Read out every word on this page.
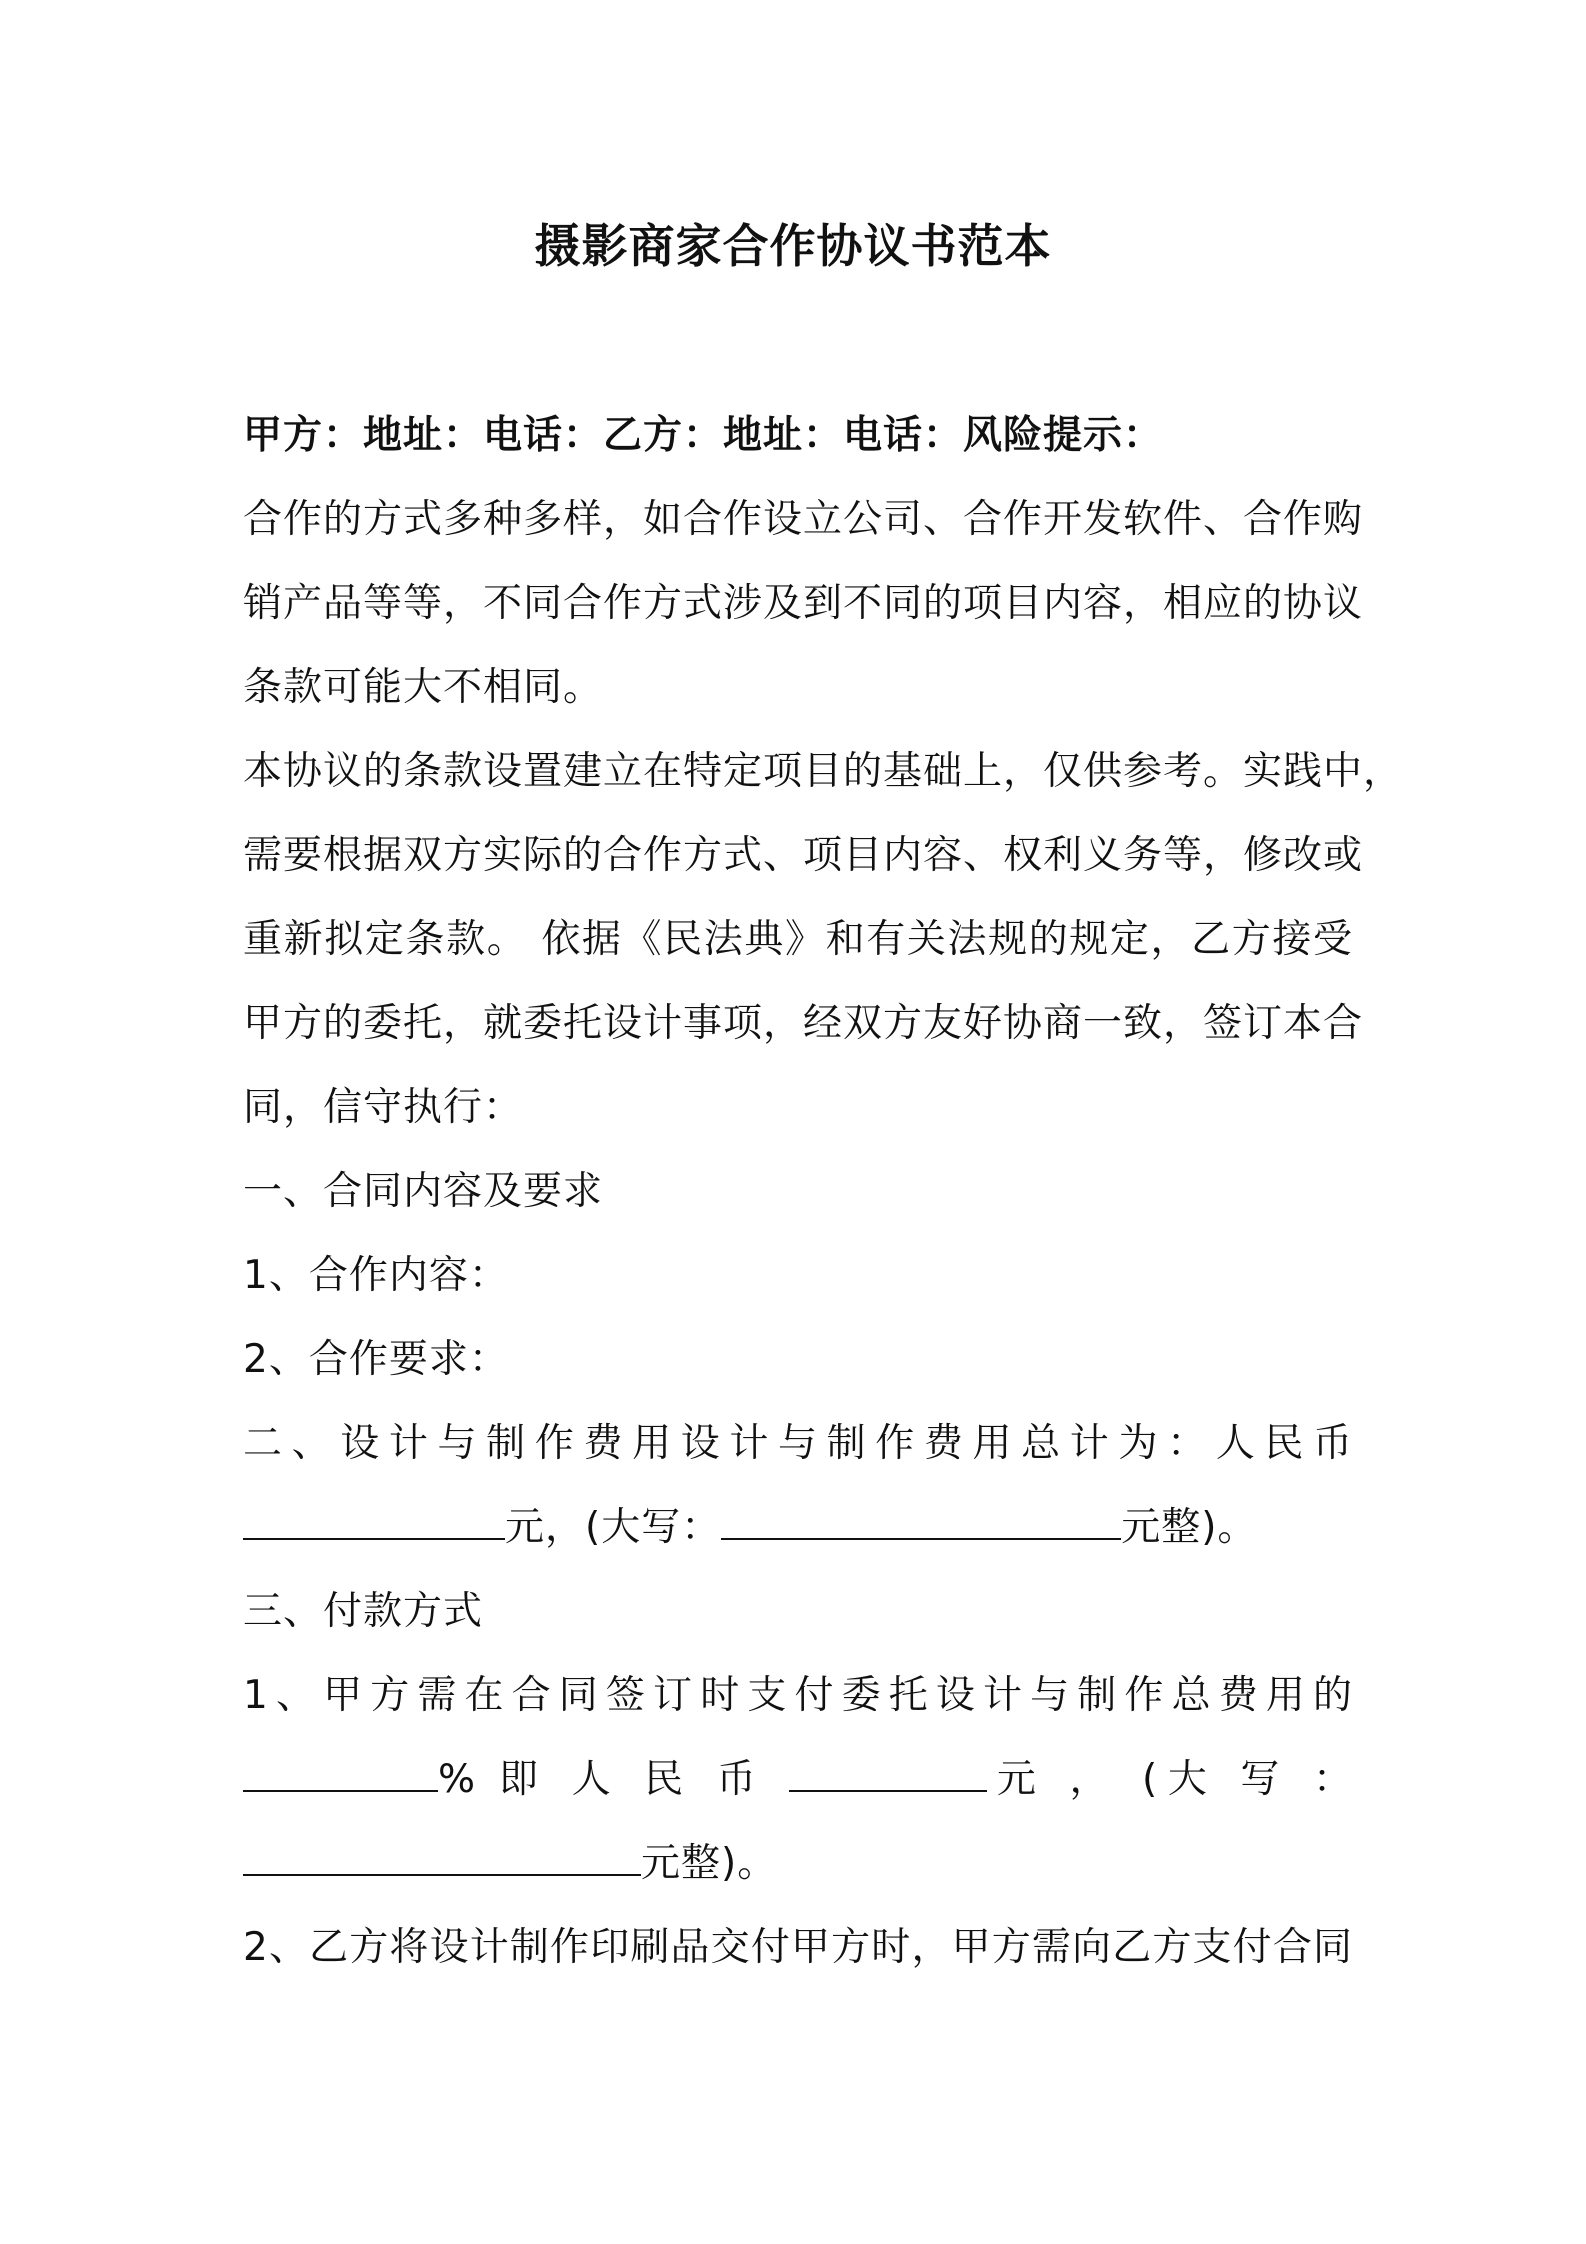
摄影商家合作协议书范本
甲方：地址：电话：乙方：地址：电话：风险提示：
合作的方式多种多样，如合作设立公司、合作开发软件、合作购
销产品等等，不同合作方式涉及到不同的项目内容，相应的协议
条款可能大不相同。
本协议的条款设置建立在特定项目的基础上，仅供参考。实践中，
需要根据双方实际的合作方式、项目内容、权利义务等，修改或
重新拟定条款。 依据《民法典》和有关法规的规定，乙方接受
甲方的委托，就委托设计事项，经双方友好协商一致，签订本合
同，信守执行：
一、合同内容及要求
1、合作内容：
2、合作要求：
二、设计与制作费用设计与制作费用总计为：人民币
元，(大写：	元整)。
三、付款方式
1、甲方需在合同签订时支付委托设计与制作总费用的
% 即 人 民 币	元 ， (大 写 ：
元整)。
2、乙方将设计制作印刷品交付甲方时，甲方需向乙方支付合同
